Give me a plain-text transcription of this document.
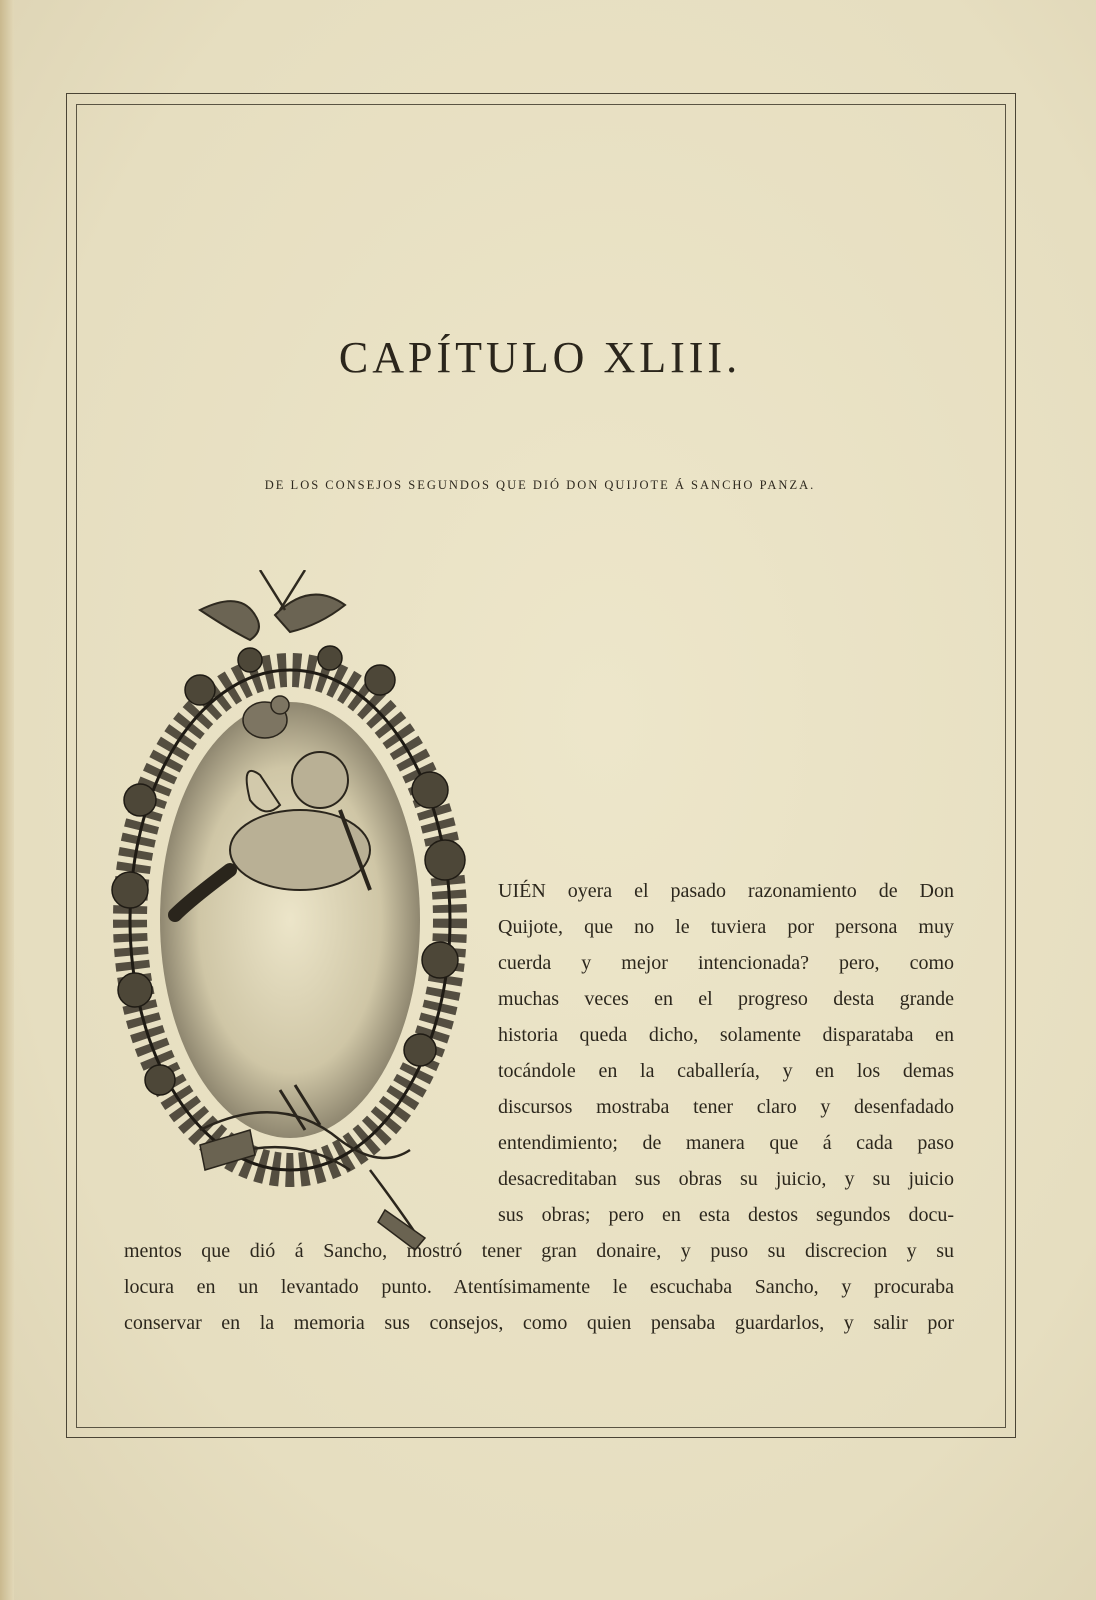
CAPÍTULO XLIII.
DE LOS CONSEJOS SEGUNDOS QUE DIÓ DON QUIJOTE Á SANCHO PANZA.
UIÉN oyera el pasado razonamiento de Don
Quijote, que no le tuviera por persona muy
cuerda y mejor intencionada? pero, como
muchas veces en el progreso desta grande
historia queda dicho, solamente disparataba en
tocándole en la caballería, y en los demas
discursos mostraba tener claro y desenfadado
entendimiento; de manera que á cada paso
desacreditaban sus obras su juicio, y su juicio
sus obras; pero en esta destos segundos docu-
mentos que dió á Sancho, mostró tener gran donaire, y puso su discrecion y su
locura en un levantado punto. Atentísimamente le escuchaba Sancho, y procuraba
conservar en la memoria sus consejos, como quien pensaba guardarlos, y salir por
